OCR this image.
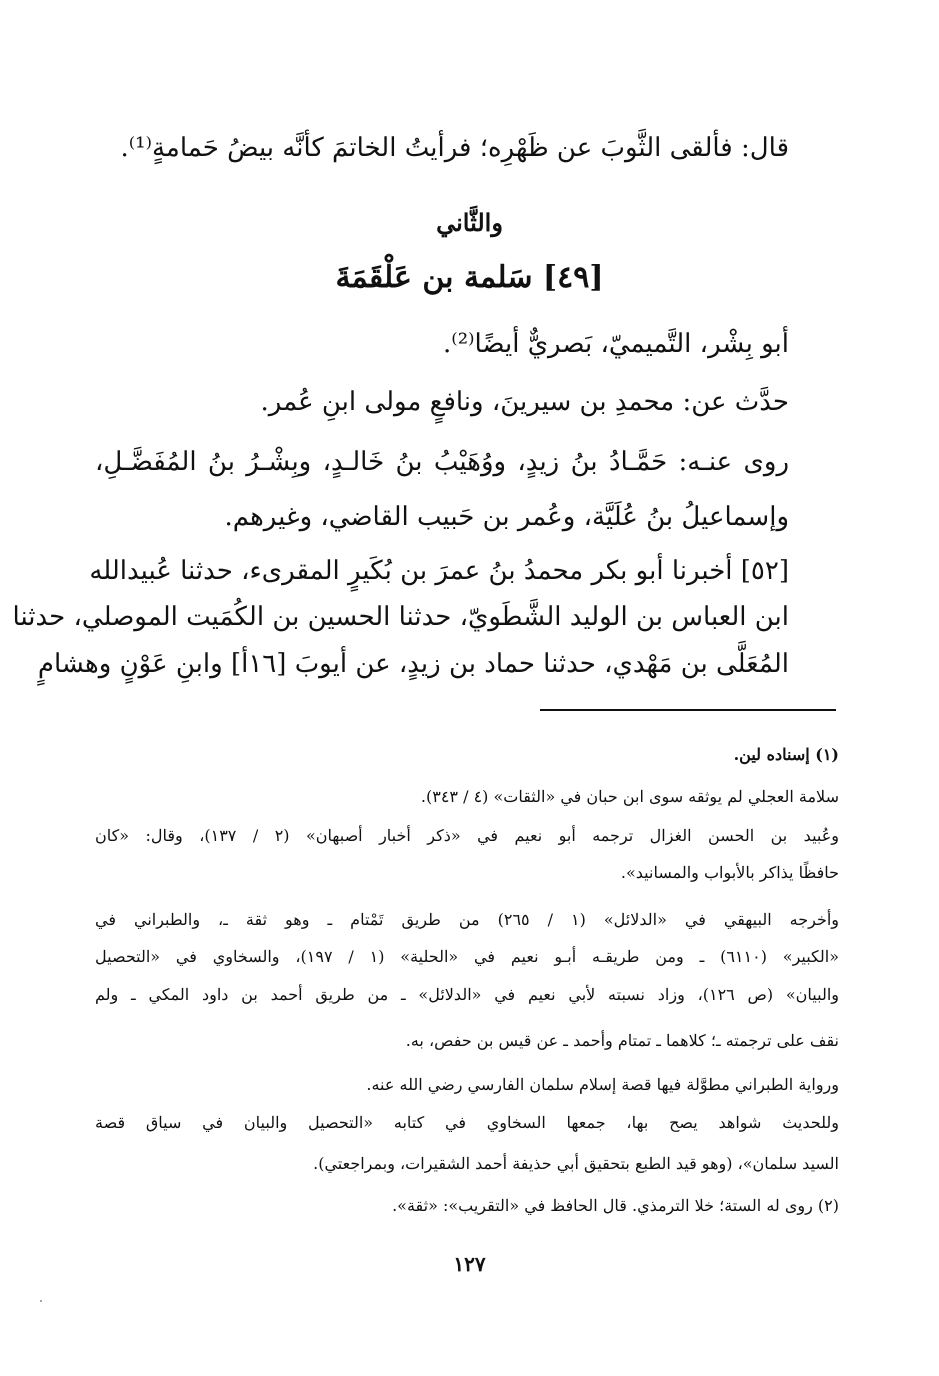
قال: فألقى الثَّوبَ عن ظَهْرِه؛ فرأيتُ الخاتمَ كأنَّه بيضُ حَمامةٍ⁽¹⁾.
والثَّاني
[٤٩] سَلمة بن عَلْقَمَةَ
أبو بِشْر، التَّميميّ، بَصريٌّ أيضًا⁽²⁾.
حدَّث عن: محمدِ بن سيرينَ، ونافعٍ مولى ابنِ عُمر.
روى عنـه: حَمَّـادُ بنُ زيدٍ، ووُهَيْبُ بنُ خَالـدٍ، وبِشْـرُ بنُ المُفَضَّـلِ،
وإسماعيلُ بنُ عُلَيَّة، وعُمر بن حَبيب القاضي، وغيرهم.
[٥٢] أخبرنا أبو بكر محمدُ بنُ عمرَ بن بُكَيرٍ المقرىء، حدثنا عُبيدالله
ابن العباس بن الوليد الشَّطَويّ، حدثنا الحسين بن الكُمَيت الموصلي، حدثنا
المُعَلَّى بن مَهْدي، حدثنا حماد بن زيدٍ، عن أيوبَ [١٦أ] وابنِ عَوْنٍ وهشامٍ
(١) إسناده لين.
سلامة العجلي لم يوثقه سوى ابن حبان في «الثقات» (٤ / ٣٤٣).
وعُبيد بن الحسن الغزال ترجمه أبو نعيم في «ذكر أخبار أصبهان» (٢ / ١٣٧)، وقال: «كان
حافظًا يذاكر بالأبواب والمسانيد».
وأخرجه البيهقي في «الدلائل» (١ / ٢٦٥) من طريق تَمْتام ـ وهو ثقة ـ، والطبراني في
«الكبير» (٦١١٠) ـ ومن طريقـه أبـو نعيم في «الحلية» (١ / ١٩٧)، والسخاوي في «التحصيل
والبيان» (ص ١٢٦)، وزاد نسبته لأبي نعيم في «الدلائل» ـ من طريق أحمد بن داود المكي ـ ولم
نقف على ترجمته ـ؛ كلاهما ـ تمتام وأحمد ـ عن قيس بن حفص، به.
ورواية الطبراني مطوَّلة فيها قصة إسلام سلمان الفارسي رضي الله عنه.
وللحديث شواهد يصح بها، جمعها السخاوي في كتابه «التحصيل والبيان في سياق قصة
السيد سلمان»، (وهو قيد الطبع بتحقيق أبي حذيفة أحمد الشقيرات، وبمراجعتي).
(٢) روى له الستة؛ خلا الترمذي. قال الحافظ في «التقريب»: «ثقة».
١٢٧
